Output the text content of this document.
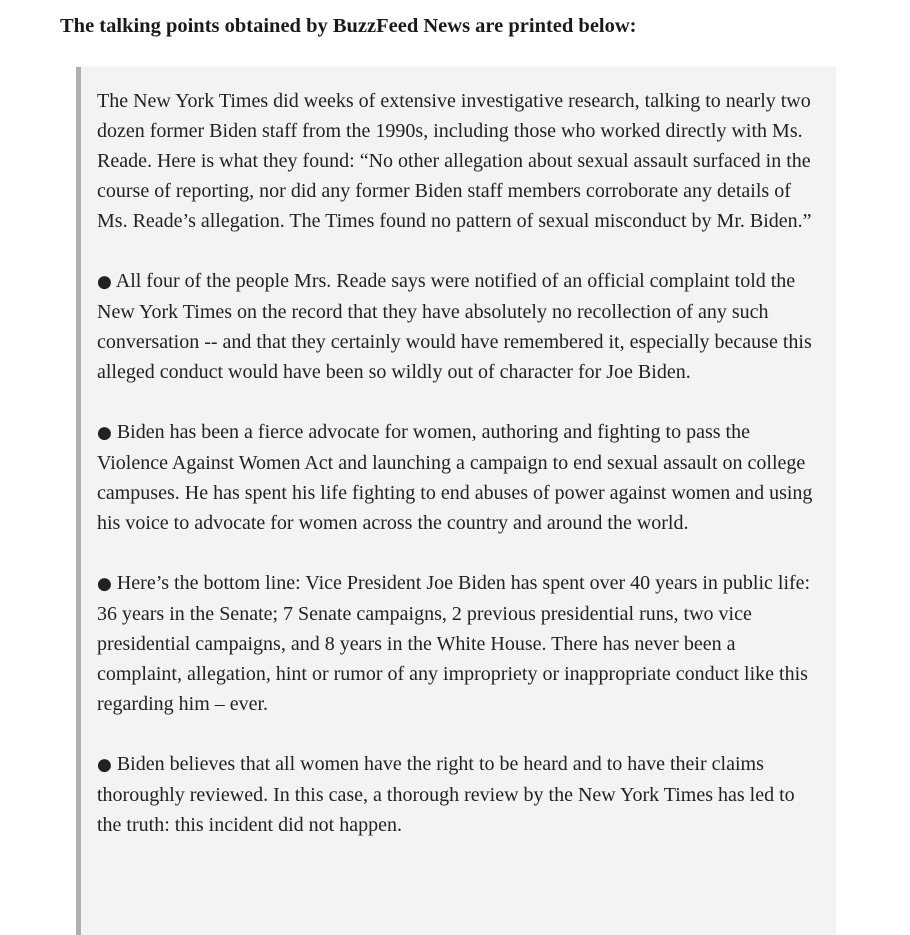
The talking points obtained by BuzzFeed News are printed below:

The New York Times did weeks of extensive investigative research, talking to nearly two dozen former Biden staff from the 1990s, including those who worked directly with Ms. Reade. Here is what they found: “No other allegation about sexual assault surfaced in the course of reporting, nor did any former Biden staff members corroborate any details of Ms. Reade’s allegation. The Times found no pattern of sexual misconduct by Mr. Biden.”

● All four of the people Mrs. Reade says were notified of an official complaint told the New York Times on the record that they have absolutely no recollection of any such conversation -- and that they certainly would have remembered it, especially because this alleged conduct would have been so wildly out of character for Joe Biden.

● Biden has been a fierce advocate for women, authoring and fighting to pass the Violence Against Women Act and launching a campaign to end sexual assault on college campuses. He has spent his life fighting to end abuses of power against women and using his voice to advocate for women across the country and around the world.

● Here’s the bottom line: Vice President Joe Biden has spent over 40 years in public life: 36 years in the Senate; 7 Senate campaigns, 2 previous presidential runs, two vice presidential campaigns, and 8 years in the White House. There has never been a complaint, allegation, hint or rumor of any impropriety or inappropriate conduct like this regarding him – ever.

● Biden believes that all women have the right to be heard and to have their claims thoroughly reviewed. In this case, a thorough review by the New York Times has led to the truth: this incident did not happen.
